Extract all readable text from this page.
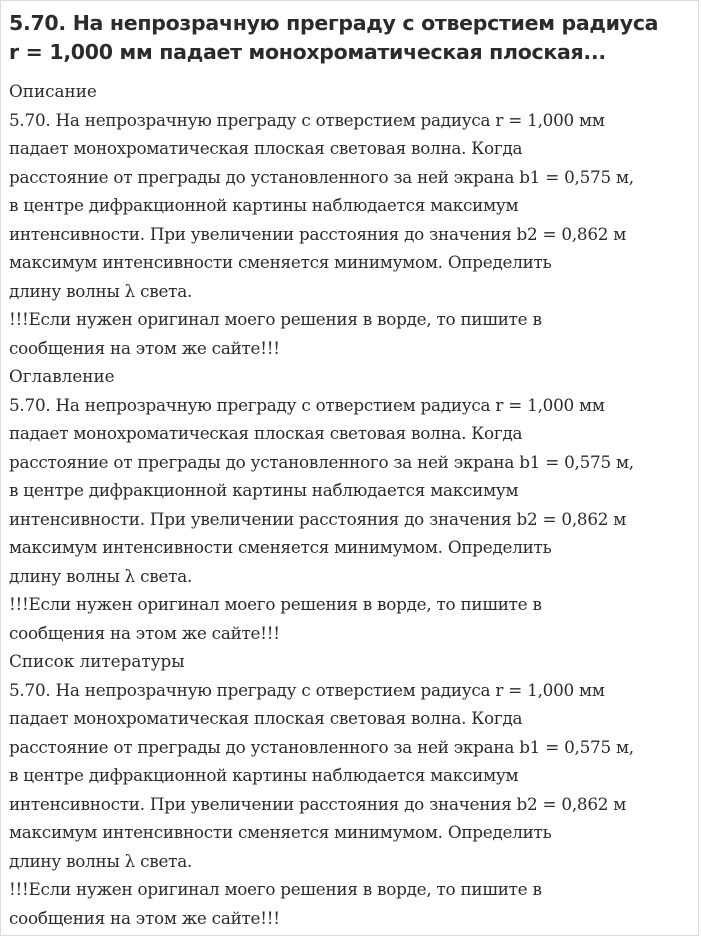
5.70. На непрозрачную преграду с отверстием радиуса
r = 1,000 мм падает монохроматическая плоская...

Описание

5.70. На непрозрачную преграду с отверстием радиуса r = 1,000 мм
падает монохроматическая плоская световая волна. Когда
расстояние от преграды до установленного за ней экрана b1 = 0,575 м,
в центре дифракционной картины наблюдается максимум
интенсивности. При увеличении расстояния до значения b2 = 0,862 м
максимум интенсивности сменяется минимумом. Определить
длину волны λ света.
!!!Если нужен оригинал моего решения в ворде, то пишите в
сообщения на этом же сайте!!!

Оглавление

5.70. На непрозрачную преграду с отверстием радиуса r = 1,000 мм
падает монохроматическая плоская световая волна. Когда
расстояние от преграды до установленного за ней экрана b1 = 0,575 м,
в центре дифракционной картины наблюдается максимум
интенсивности. При увеличении расстояния до значения b2 = 0,862 м
максимум интенсивности сменяется минимумом. Определить
длину волны λ света.
!!!Если нужен оригинал моего решения в ворде, то пишите в
сообщения на этом же сайте!!!

Список литературы

5.70. На непрозрачную преграду с отверстием радиуса r = 1,000 мм
падает монохроматическая плоская световая волна. Когда
расстояние от преграды до установленного за ней экрана b1 = 0,575 м,
в центре дифракционной картины наблюдается максимум
интенсивности. При увеличении расстояния до значения b2 = 0,862 м
максимум интенсивности сменяется минимумом. Определить
длину волны λ света.
!!!Если нужен оригинал моего решения в ворде, то пишите в
сообщения на этом же сайте!!!
